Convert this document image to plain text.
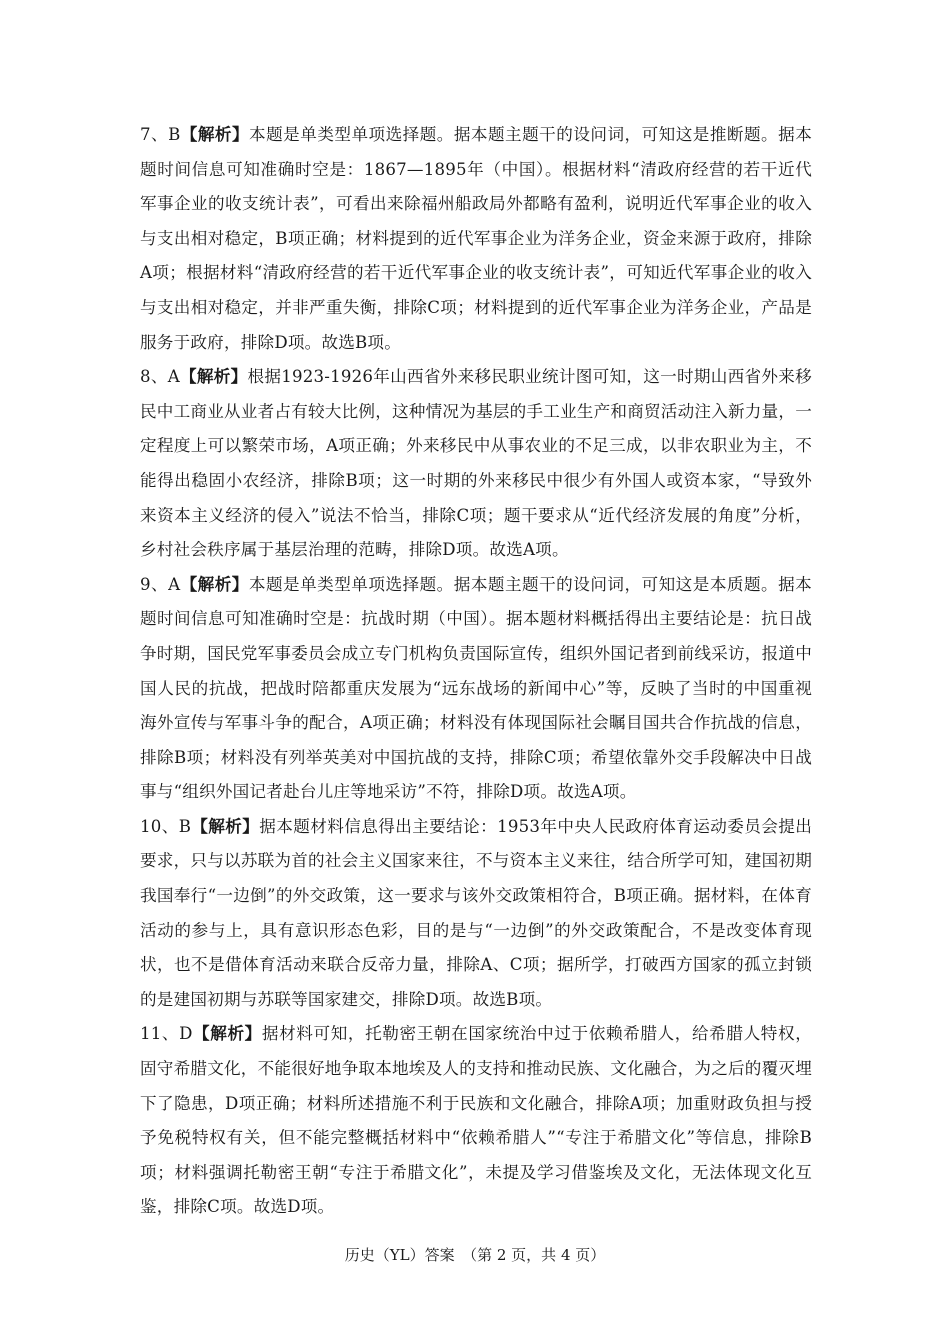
7、B【解析】本题是单类型单项选择题。据本题主题干的设问词，可知这是推断题。据本题时间信息可知准确时空是：1867—1895年（中国）。根据材料“清政府经营的若干近代军事企业的收支统计表”，可看出来除福州船政局外都略有盈利，说明近代军事企业的收入与支出相对稳定，B项正确；材料提到的近代军事企业为洋务企业，资金来源于政府，排除A项；根据材料“清政府经营的若干近代军事企业的收支统计表”，可知近代军事企业的收入与支出相对稳定，并非严重失衡，排除C项；材料提到的近代军事企业为洋务企业，产品是服务于政府，排除D项。故选B项。

8、A【解析】根据1923-1926年山西省外来移民职业统计图可知，这一时期山西省外来移民中工商业从业者占有较大比例，这种情况为基层的手工业生产和商贸活动注入新力量，一定程度上可以繁荣市场，A项正确；外来移民中从事农业的不足三成，以非农职业为主，不能得出稳固小农经济，排除B项；这一时期的外来移民中很少有外国人或资本家，“导致外来资本主义经济的侵入”说法不恰当，排除C项；题干要求从“近代经济发展的角度”分析，乡村社会秩序属于基层治理的范畴，排除D项。故选A项。

9、A【解析】本题是单类型单项选择题。据本题主题干的设问词，可知这是本质题。据本题时间信息可知准确时空是：抗战时期（中国）。据本题材料概括得出主要结论是：抗日战争时期，国民党军事委员会成立专门机构负责国际宣传，组织外国记者到前线采访，报道中国人民的抗战，把战时陪都重庆发展为“远东战场的新闻中心”等，反映了当时的中国重视海外宣传与军事斗争的配合，A项正确；材料没有体现国际社会瞩目国共合作抗战的信息，排除B项；材料没有列举英美对中国抗战的支持，排除C项；希望依靠外交手段解决中日战事与“组织外国记者赴台儿庄等地采访”不符，排除D项。故选A项。

10、B【解析】据本题材料信息得出主要结论：1953年中央人民政府体育运动委员会提出要求，只与以苏联为首的社会主义国家来往，不与资本主义来往，结合所学可知，建国初期我国奉行“一边倒”的外交政策，这一要求与该外交政策相符合，B项正确。据材料，在体育活动的参与上，具有意识形态色彩，目的是与“一边倒”的外交政策配合，不是改变体育现状，也不是借体育活动来联合反帝力量，排除A、C项；据所学，打破西方国家的孤立封锁的是建国初期与苏联等国家建交，排除D项。故选B项。

11、D【解析】据材料可知，托勒密王朝在国家统治中过于依赖希腊人，给希腊人特权，固守希腊文化，不能很好地争取本地埃及人的支持和推动民族、文化融合，为之后的覆灭埋下了隐患，D项正确；材料所述措施不利于民族和文化融合，排除A项；加重财政负担与授予免税特权有关，但不能完整概括材料中“依赖希腊人”“专注于希腊文化”等信息，排除B项；材料强调托勒密王朝“专注于希腊文化”，未提及学习借鉴埃及文化，无法体现文化互鉴，排除C项。故选D项。

历史（YL）答案　（第 2 页，共 4 页）
